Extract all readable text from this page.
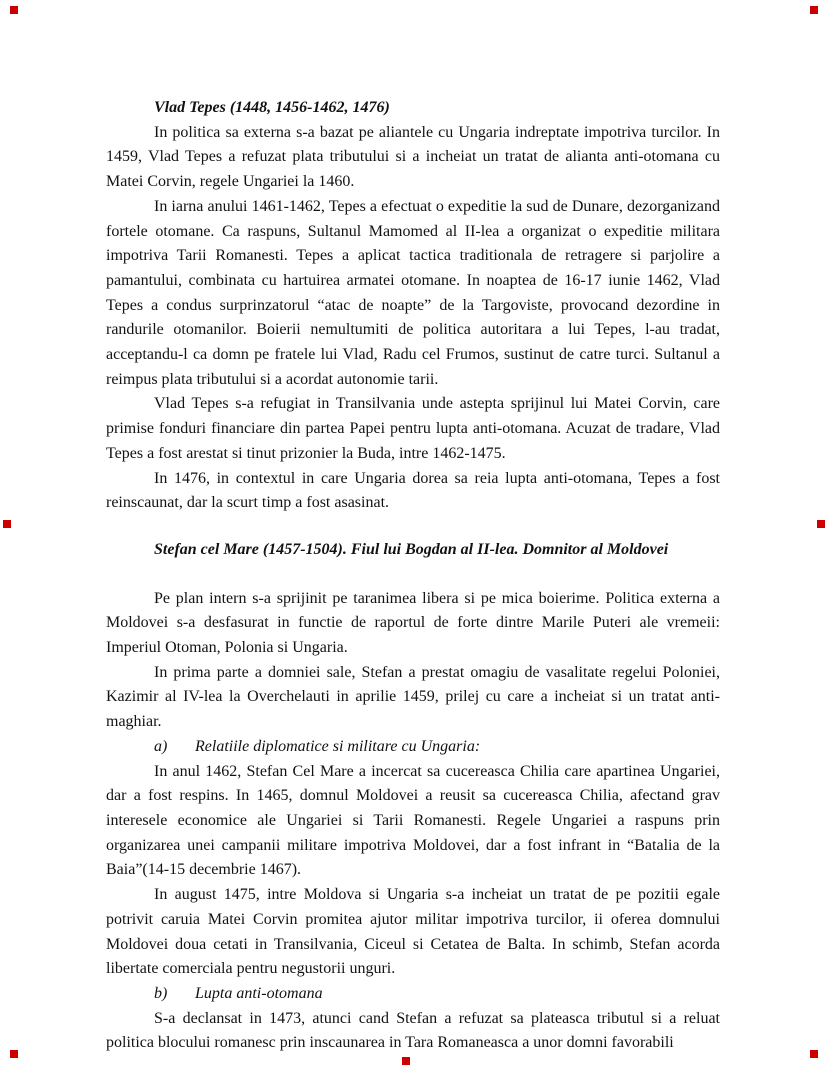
Vlad Tepes (1448, 1456-1462, 1476)

In politica sa externa s-a bazat pe aliantele cu Ungaria indreptate impotriva turcilor. In 1459, Vlad Tepes a refuzat plata tributului si a incheiat un tratat de alianta anti-otomana cu Matei Corvin, regele Ungariei la 1460.

In iarna anului 1461-1462, Tepes a efectuat o expeditie la sud de Dunare, dezorganizand fortele otomane. Ca raspuns, Sultanul Mamomed al II-lea a organizat o expeditie militara impotriva Tarii Romanesti. Tepes a aplicat tactica traditionala de retragere si parjolire a pamantului, combinata cu hartuirea armatei otomane. In noaptea de 16-17 iunie 1462, Vlad Tepes a condus surprinzatorul “atac de noapte” de la Targoviste, provocand dezordine in randurile otomanilor. Boierii nemultumiti de politica autoritara a lui Tepes, l-au tradat, acceptandu-l ca domn pe fratele lui Vlad, Radu cel Frumos, sustinut de catre turci. Sultanul a reimpus plata tributului si a acordat autonomie tarii.

Vlad Tepes s-a refugiat in Transilvania unde astepta sprijinul lui Matei Corvin, care primise fonduri financiare din partea Papei pentru lupta anti-otomana. Acuzat de tradare, Vlad Tepes a fost arestat si tinut prizonier la Buda, intre 1462-1475.

In 1476, in contextul in care Ungaria dorea sa reia lupta anti-otomana, Tepes a fost reinscaunat, dar la scurt timp a fost asasinat.

Stefan cel Mare (1457-1504). Fiul lui Bogdan al II-lea. Domnitor al Moldovei

Pe plan intern s-a sprijinit pe taranimea libera si pe mica boierime. Politica externa a Moldovei s-a desfasurat in functie de raportul de forte dintre Marile Puteri ale vremeii: Imperiul Otoman, Polonia si Ungaria.

In prima parte a domniei sale, Stefan a prestat omagiu de vasalitate regelui Poloniei, Kazimir al IV-lea la Overchelauti in aprilie 1459, prilej cu care a incheiat si un tratat anti-maghiar.

a) Relatiile diplomatice si militare cu Ungaria:

In anul 1462, Stefan Cel Mare a incercat sa cucereasca Chilia care apartinea Ungariei, dar a fost respins. In 1465, domnul Moldovei a reusit sa cucereasca Chilia, afectand grav interesele economice ale Ungariei si Tarii Romanesti. Regele Ungariei a raspuns prin organizarea unei campanii militare impotriva Moldovei, dar a fost infrant in “Batalia de la Baia”(14-15 decembrie 1467).

In august 1475, intre Moldova si Ungaria s-a incheiat un tratat de pe pozitii egale potrivit caruia Matei Corvin promitea ajutor militar impotriva turcilor, ii oferea domnului Moldovei doua cetati in Transilvania, Ciceul si Cetatea de Balta. In schimb, Stefan acorda libertate comerciala pentru negustorii unguri.

b) Lupta anti-otomana

S-a declansat in 1473, atunci cand Stefan a refuzat sa plateasca tributul si a reluat politica blocului romanesc prin inscaunarea in Tara Romaneasca a unor domni favorabili
